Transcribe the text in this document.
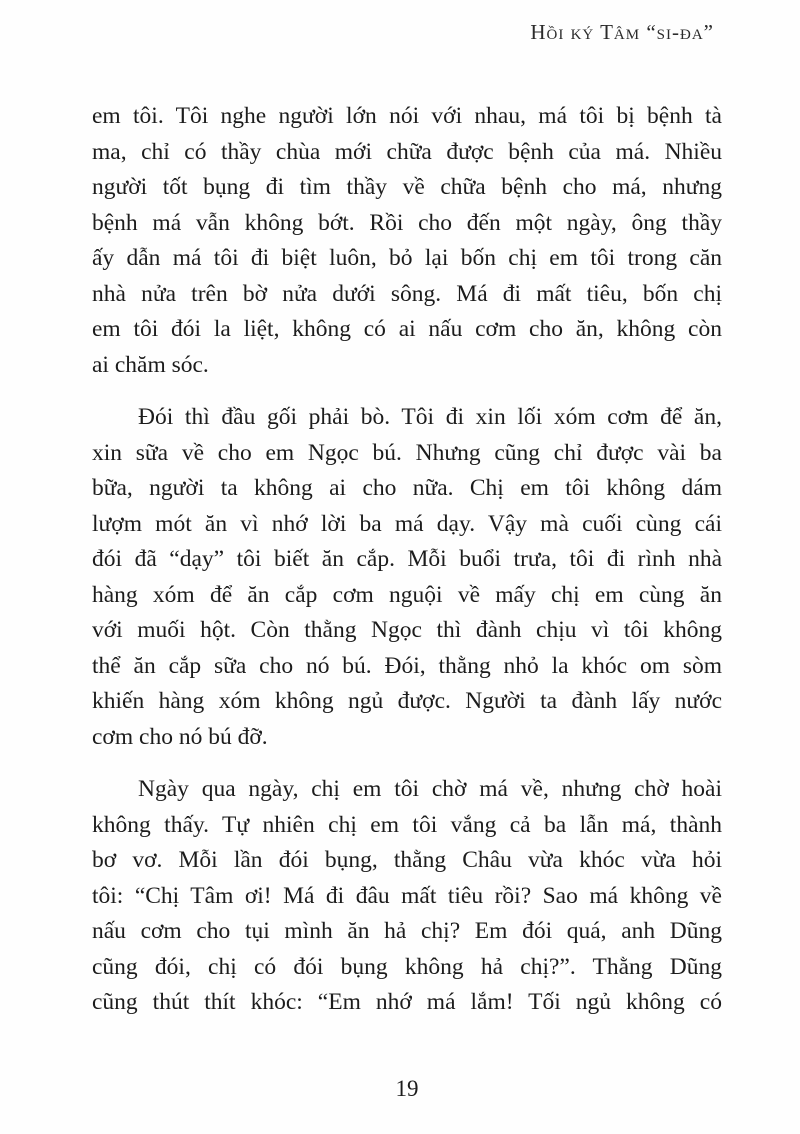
Hồi ký Tâm “si-đa”
em tôi. Tôi nghe người lớn nói với nhau, má tôi bị bệnh tà
ma, chỉ có thầy chùa mới chữa được bệnh của má. Nhiều
người tốt bụng đi tìm thầy về chữa bệnh cho má, nhưng
bệnh má vẫn không bớt. Rồi cho đến một ngày, ông thầy
ấy dẫn má tôi đi biệt luôn, bỏ lại bốn chị em tôi trong căn
nhà nửa trên bờ nửa dưới sông. Má đi mất tiêu, bốn chị
em tôi đói la liệt, không có ai nấu cơm cho ăn, không còn
ai chăm sóc.
Đói thì đầu gối phải bò. Tôi đi xin lối xóm cơm để ăn,
xin sữa về cho em Ngọc bú. Nhưng cũng chỉ được vài ba
bữa, người ta không ai cho nữa. Chị em tôi không dám
lượm mót ăn vì nhớ lời ba má dạy. Vậy mà cuối cùng cái
đói đã “dạy” tôi biết ăn cắp. Mỗi buổi trưa, tôi đi rình nhà
hàng xóm để ăn cắp cơm nguội về mấy chị em cùng ăn
với muối hột. Còn thằng Ngọc thì đành chịu vì tôi không
thể ăn cắp sữa cho nó bú. Đói, thằng nhỏ la khóc om sòm
khiến hàng xóm không ngủ được. Người ta đành lấy nước
cơm cho nó bú đỡ.
Ngày qua ngày, chị em tôi chờ má về, nhưng chờ hoài
không thấy. Tự nhiên chị em tôi vắng cả ba lẫn má, thành
bơ vơ. Mỗi lần đói bụng, thằng Châu vừa khóc vừa hỏi
tôi: “Chị Tâm ơi! Má đi đâu mất tiêu rồi? Sao má không về
nấu cơm cho tụi mình ăn hả chị? Em đói quá, anh Dũng
cũng đói, chị có đói bụng không hả chị?”. Thằng Dũng
cũng thút thít khóc: “Em nhớ má lắm! Tối ngủ không có
19
